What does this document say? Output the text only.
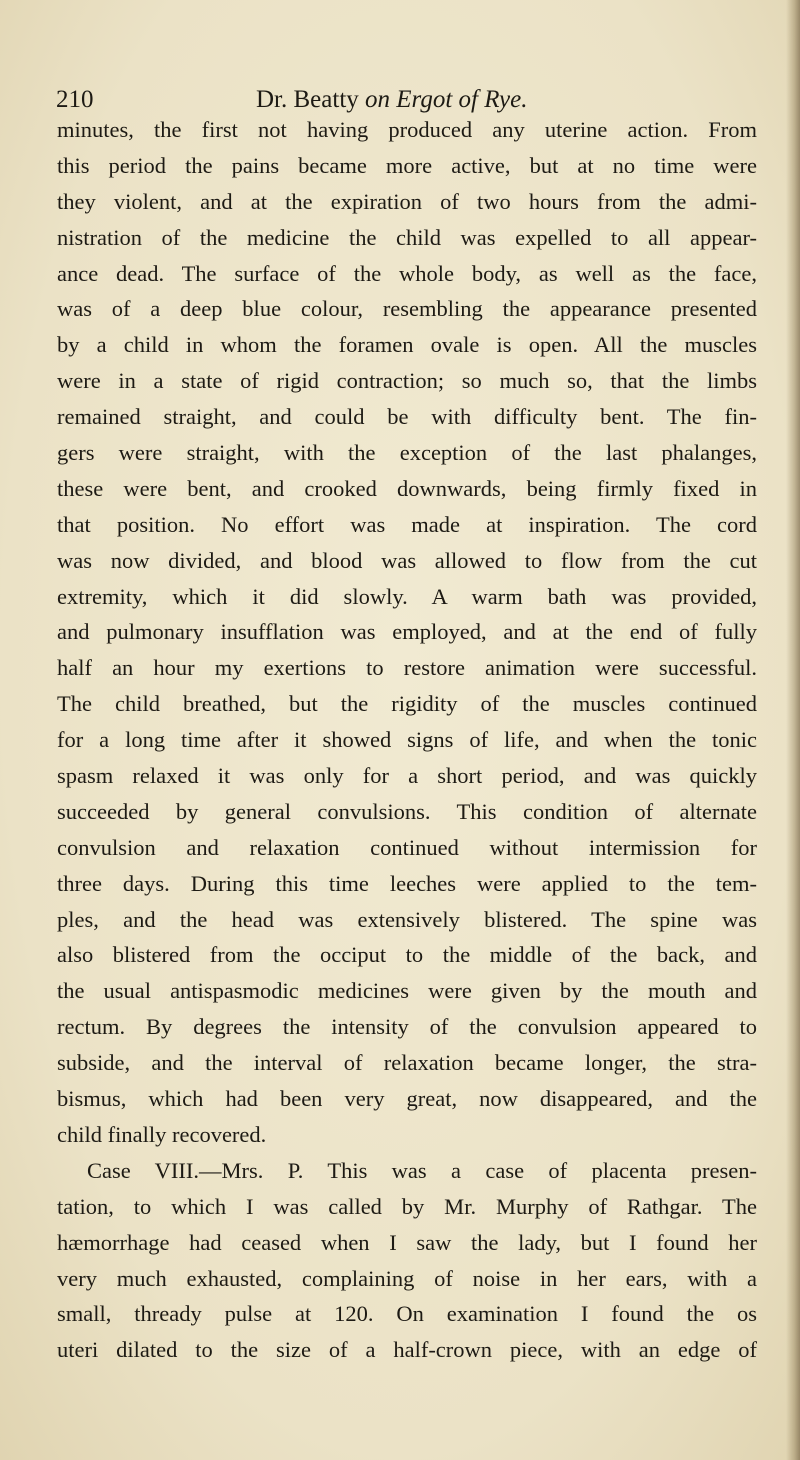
210	Dr. Beatty on Ergot of Rye.
minutes, the first not having produced any uterine action. From
this period the pains became more active, but at no time were
they violent, and at the expiration of two hours from the admi-
nistration of the medicine the child was expelled to all appear-
ance dead. The surface of the whole body, as well as the face,
was of a deep blue colour, resembling the appearance presented
by a child in whom the foramen ovale is open. All the muscles
were in a state of rigid contraction; so much so, that the limbs
remained straight, and could be with difficulty bent. The fin-
gers were straight, with the exception of the last phalanges,
these were bent, and crooked downwards, being firmly fixed in
that position. No effort was made at inspiration. The cord
was now divided, and blood was allowed to flow from the cut
extremity, which it did slowly. A warm bath was provided,
and pulmonary insufflation was employed, and at the end of fully
half an hour my exertions to restore animation were successful.
The child breathed, but the rigidity of the muscles continued
for a long time after it showed signs of life, and when the tonic
spasm relaxed it was only for a short period, and was quickly
succeeded by general convulsions. This condition of alternate
convulsion and relaxation continued without intermission for
three days. During this time leeches were applied to the tem-
ples, and the head was extensively blistered. The spine was
also blistered from the occiput to the middle of the back, and
the usual antispasmodic medicines were given by the mouth and
rectum. By degrees the intensity of the convulsion appeared to
subside, and the interval of relaxation became longer, the stra-
bismus, which had been very great, now disappeared, and the
child finally recovered.
Case VIII.—Mrs. P. This was a case of placenta presen-
tation, to which I was called by Mr. Murphy of Rathgar. The
hæmorrhage had ceased when I saw the lady, but I found her
very much exhausted, complaining of noise in her ears, with a
small, thready pulse at 120. On examination I found the os
uteri dilated to the size of a half-crown piece, with an edge of
